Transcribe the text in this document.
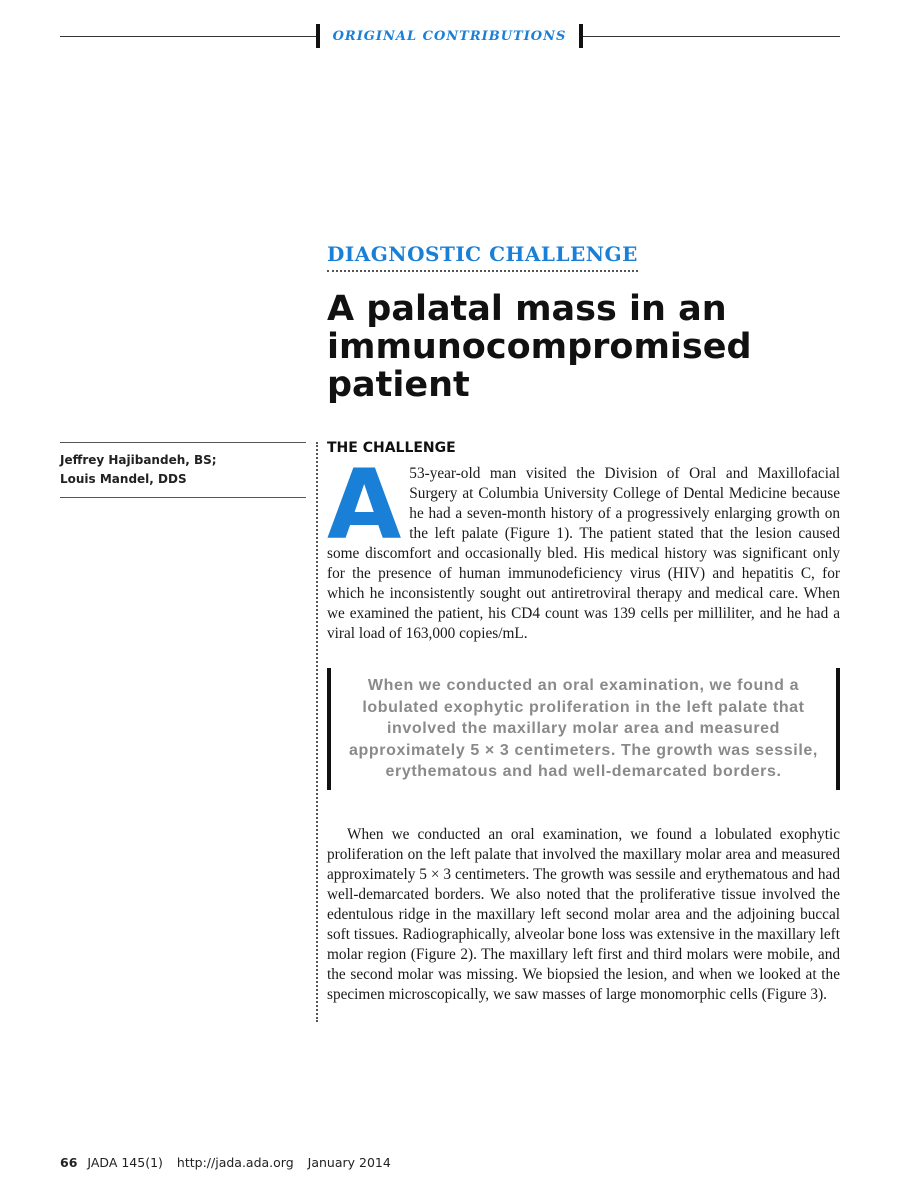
ORIGINAL CONTRIBUTIONS
DIAGNOSTIC CHALLENGE
A palatal mass in an immunocompromised patient
Jeffrey Hajibandeh, BS;
Louis Mandel, DDS
THE CHALLENGE
A 53-year-old man visited the Division of Oral and Maxillofacial Surgery at Columbia University College of Dental Medicine because he had a seven-month history of a progressively enlarging growth on the left palate (Figure 1). The patient stated that the lesion caused some discomfort and occasionally bled. His medical history was significant only for the presence of human immunodeficiency virus (HIV) and hepatitis C, for which he inconsistently sought out antiretroviral therapy and medical care. When we examined the patient, his CD4 count was 139 cells per milliliter, and he had a viral load of 163,000 copies/mL.

When we conducted an oral examination, we found a lobulated exophytic proliferation in the left palate that involved the maxillary molar area and measured approximately 5 × 3 centimeters. The growth was sessile, erythematous and had well-demarcated borders.

When we conducted an oral examination, we found a lobulated exophytic proliferation on the left palate that involved the maxillary molar area and measured approximately 5 × 3 centimeters. The growth was sessile and erythematous and had well-demarcated borders. We also noted that the proliferative tissue involved the edentulous ridge in the maxillary left second molar area and the adjoining buccal soft tissues. Radiographically, alveolar bone loss was extensive in the maxillary left molar region (Figure 2). The maxillary left first and third molars were mobile, and the second molar was missing. We biopsied the lesion, and when we looked at the specimen microscopically, we saw masses of large monomorphic cells (Figure 3).
66 JADA 145(1) http://jada.ada.org January 2014
